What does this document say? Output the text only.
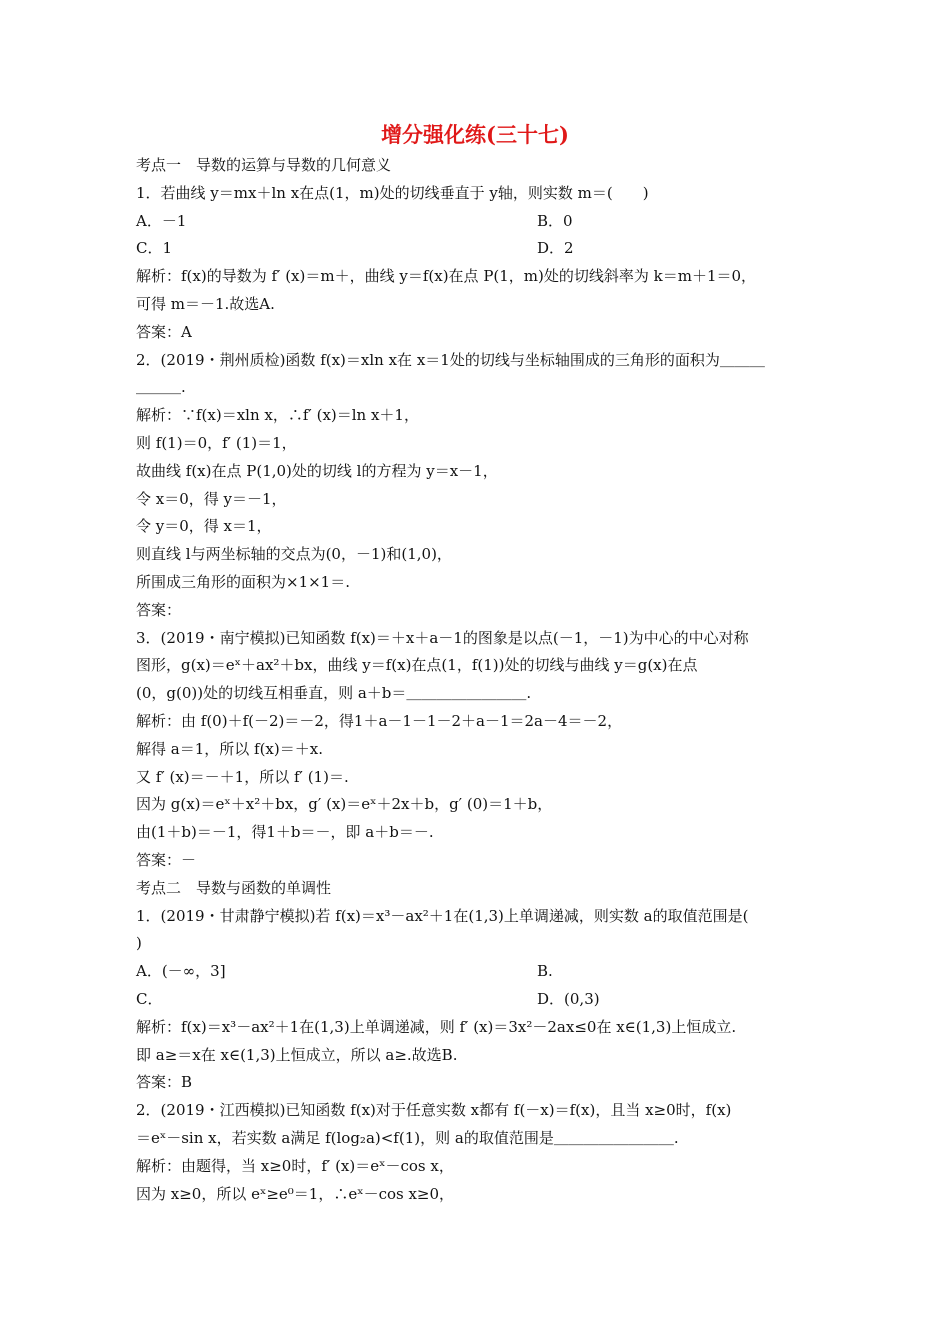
增分强化练(三十七)
考点一　导数的运算与导数的几何意义
1．若曲线 y＝mx＋ln x在点(1，m)处的切线垂直于 y轴，则实数 m＝(　　)
A．－1
C．1
解析：f(x)的导数为 f′ (x)＝m＋，曲线 y＝f(x)在点 P(1，m)处的切线斜率为 k＝m＋1＝0，
可得 m＝－1.故选A.
答案：A
2．(2019・荆州质检)函数 f(x)＝xln x在 x＝1处的切线与坐标轴围成的三角形的面积为＿＿＿
＿＿＿.
解析：∵f(x)＝xln x，∴f′ (x)＝ln x＋1，
则 f(1)＝0，f′ (1)＝1，
故曲线 f(x)在点 P(1,0)处的切线 l的方程为 y＝x－1，
令 x＝0，得 y＝－1，
令 y＝0，得 x＝1，
则直线 l与两坐标轴的交点为(0，－1)和(1,0)，
所围成三角形的面积为×1×1＝.
答案：
3．(2019・南宁模拟)已知函数 f(x)＝＋x＋a－1的图象是以点(－1，－1)为中心的中心对称
图形，g(x)＝eˣ＋ax²＋bx，曲线 y＝f(x)在点(1，f(1))处的切线与曲线 y＝g(x)在点
(0，g(0))处的切线互相垂直，则 a＋b＝＿＿＿＿＿＿＿＿.
解析：由 f(0)＋f(－2)＝－2，得1＋a－1－1－2＋a－1＝2a－4＝－2，
解得 a＝1，所以 f(x)＝＋x.
又 f′ (x)＝－＋1，所以 f′ (1)＝.
因为 g(x)＝eˣ＋x²＋bx，g′ (x)＝eˣ＋2x＋b，g′ (0)＝1＋b，
由(1＋b)＝－1，得1＋b＝－，即 a＋b＝－.
答案：－
考点二　导数与函数的单调性
1．(2019・甘肃静宁模拟)若 f(x)＝x³－ax²＋1在(1,3)上单调递减，则实数 a的取值范围是(
)
A．(－∞，3]
C．
解析：f(x)＝x³－ax²＋1在(1,3)上单调递减，则 f′ (x)＝3x²－2ax≤0在 x∈(1,3)上恒成立.
即 a≥＝x在 x∈(1,3)上恒成立，所以 a≥.故选B.
答案：B
2．(2019・江西模拟)已知函数 f(x)对于任意实数 x都有 f(－x)＝f(x)，且当 x≥0时，f(x)
＝eˣ－sin x，若实数 a满足 f(log₂a)<f(1)，则 a的取值范围是＿＿＿＿＿＿＿＿.
解析：由题得，当 x≥0时，f′ (x)＝eˣ－cos x，
因为 x≥0，所以 eˣ≥e⁰＝1，∴eˣ－cos x≥0，
B．0
D．2
B.
D．(0,3)
